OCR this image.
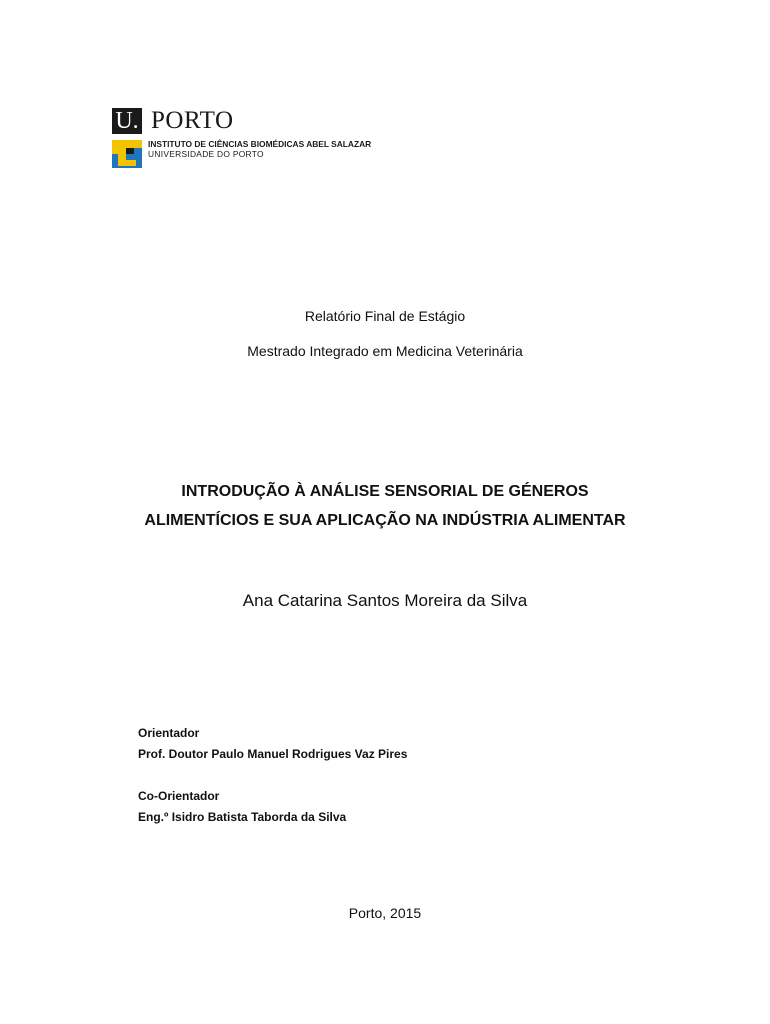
U. PORTO
INSTITUTO DE CIÊNCIAS BIOMÉDICAS ABEL SALAZAR
UNIVERSIDADE DO PORTO
Relatório Final de Estágio
Mestrado Integrado em Medicina Veterinária
INTRODUÇÃO À ANÁLISE SENSORIAL DE GÉNEROS
ALIMENTÍCIOS E SUA APLICAÇÃO NA INDÚSTRIA ALIMENTAR
Ana Catarina Santos Moreira da Silva
Orientador
Prof. Doutor Paulo Manuel Rodrigues Vaz Pires
Co-Orientador
Eng.º Isidro Batista Taborda da Silva
Porto, 2015
